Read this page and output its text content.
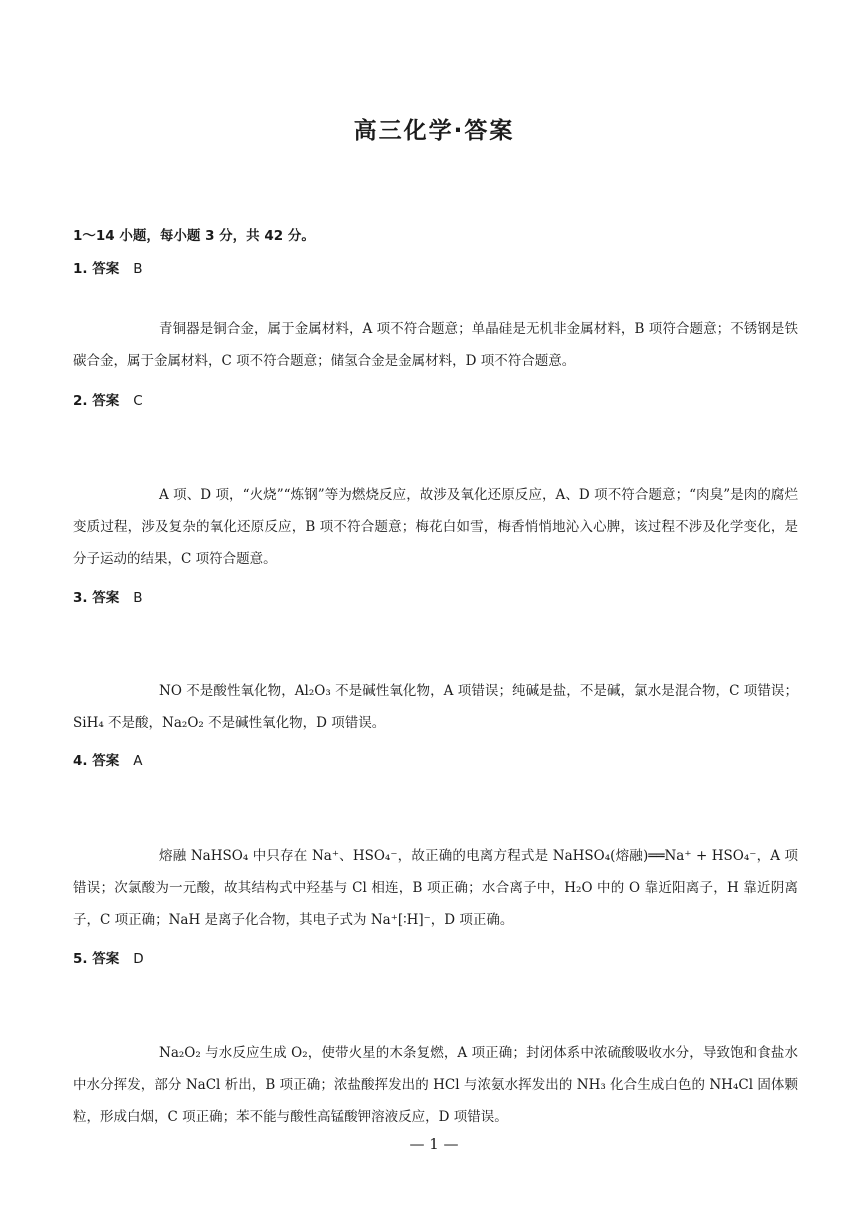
高三化学·答案
1～14 小题，每小题 3 分，共 42 分。
1. 答案 B
青铜器是铜合金，属于金属材料，A 项不符合题意；单晶硅是无机非金属材料，B 项符合题意；不锈钢是铁碳合金，属于金属材料，C 项不符合题意；储氢合金是金属材料，D 项不符合题意。
2. 答案 C
A 项、D 项，“火烧”“炼钢”等为燃烧反应，故涉及氧化还原反应，A、D 项不符合题意；“肉臭”是肉的腐烂变质过程，涉及复杂的氧化还原反应，B 项不符合题意；梅花白如雪，梅香悄悄地沁入心脾，该过程不涉及化学变化，是分子运动的结果，C 项符合题意。
3. 答案 B
NO 不是酸性氧化物，Al₂O₃ 不是碱性氧化物，A 项错误；纯碱是盐，不是碱，氯水是混合物，C 项错误；SiH₄ 不是酸，Na₂O₂ 不是碱性氧化物，D 项错误。
4. 答案 A
熔融 NaHSO₄ 中只存在 Na⁺、HSO₄⁻，故正确的电离方程式是 NaHSO₄(熔融)══Na⁺ + HSO₄⁻，A 项错误；次氯酸为一元酸，故其结构式中羟基与 Cl 相连，B 项正确；水合离子中，H₂O 中的 O 靠近阳离子，H 靠近阴离子，C 项正确；NaH 是离子化合物，其电子式为 Na⁺[∶H]⁻，D 项正确。
5. 答案 D
Na₂O₂ 与水反应生成 O₂，使带火星的木条复燃，A 项正确；封闭体系中浓硫酸吸收水分，导致饱和食盐水中水分挥发，部分 NaCl 析出，B 项正确；浓盐酸挥发出的 HCl 与浓氨水挥发出的 NH₃ 化合生成白色的 NH₄Cl 固体颗粒，形成白烟，C 项正确；苯不能与酸性高锰酸钾溶液反应，D 项错误。
— 1 —
